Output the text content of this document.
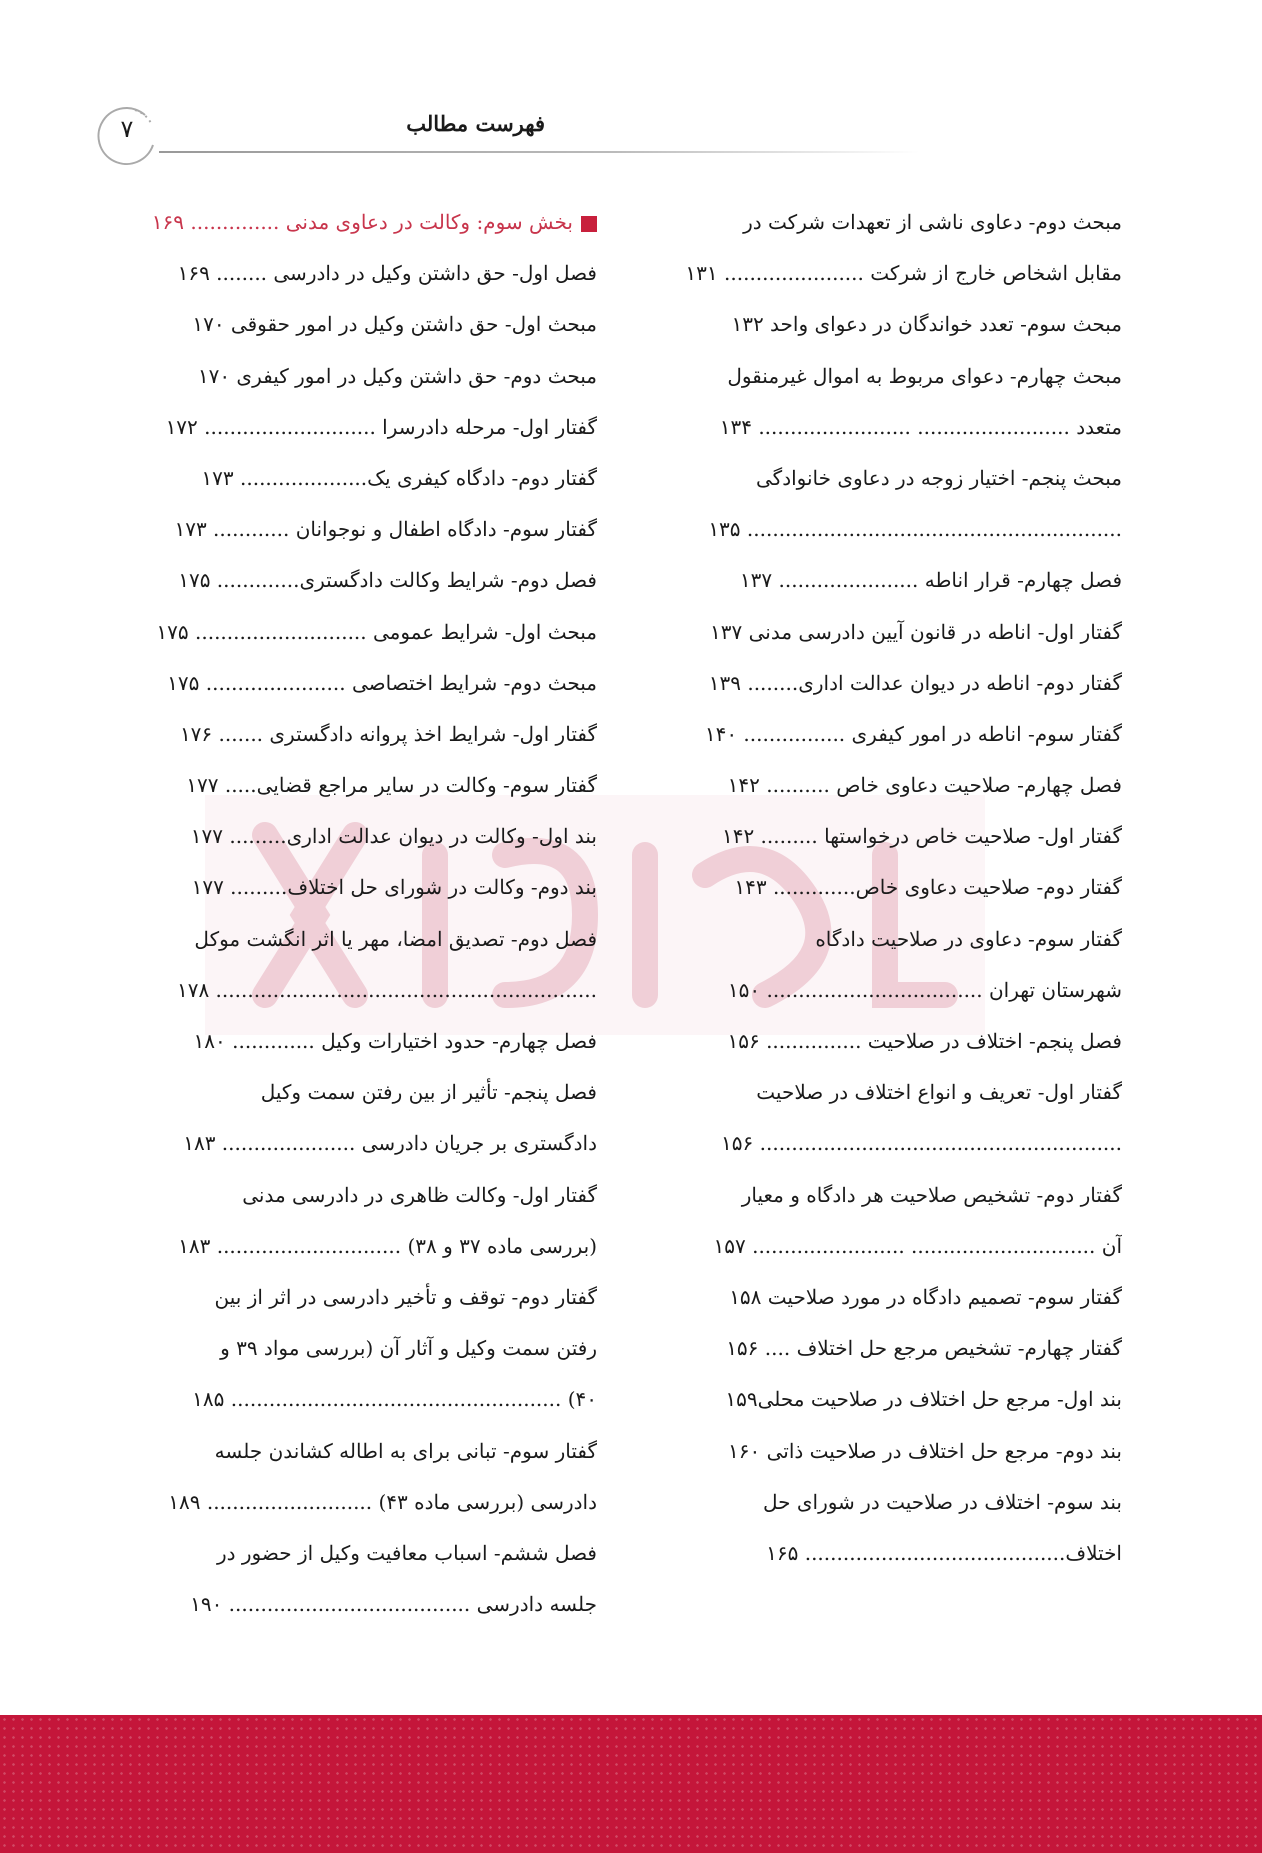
۷	فهرست مطالب
مبحث دوم- دعاوی ناشی از تعهدات شرکت در
مقابل اشخاص خارج از شرکت ...................... ۱۳۱
مبحث سوم- تعدد خواندگان در دعوای واحد ۱۳۲
مبحث چهارم- دعوای مربوط به اموال غیرمنقول
متعدد ........................ ........................ ۱۳۴
مبحث پنجم- اختیار زوجه در دعاوی خانوادگی
........................................................... ۱۳۵
فصل چهارم- قرار اناطه ...................... ۱۳۷
گفتار اول- اناطه در قانون آیین دادرسی مدنی ۱۳۷
گفتار دوم- اناطه در دیوان عدالت اداری........ ۱۳۹
گفتار سوم- اناطه در امور کیفری ................ ۱۴۰
فصل چهارم- صلاحیت دعاوی خاص .......... ۱۴۲
گفتار اول- صلاحیت خاص درخواستها ......... ۱۴۲
گفتار دوم- صلاحیت دعاوی خاص............. ۱۴۳
گفتار سوم- دعاوی در صلاحیت دادگاه
شهرستان تهران .................................. ۱۵۰
فصل پنجم- اختلاف در صلاحیت ............... ۱۵۶
گفتار اول- تعریف و انواع اختلاف در صلاحیت
......................................................... ۱۵۶
گفتار دوم- تشخیص صلاحیت هر دادگاه و معیار
آن ............................. ........................ ۱۵۷
گفتار سوم- تصمیم دادگاه در مورد صلاحیت ۱۵۸
گفتار چهارم- تشخیص مرجع حل اختلاف .... ۱۵۶
بند اول- مرجع حل اختلاف در صلاحیت محلی۱۵۹
بند دوم- مرجع حل اختلاف در صلاحیت ذاتی ۱۶۰
بند سوم- اختلاف در صلاحیت در شورای حل
اختلاف......................................... ۱۶۵
بخش سوم: وکالت در دعاوی مدنی .............. ۱۶۹
فصل اول- حق داشتن وکیل در دادرسی ........ ۱۶۹
مبحث اول- حق داشتن وکیل در امور حقوقی ۱۷۰
مبحث دوم- حق داشتن وکیل در امور کیفری ۱۷۰
گفتار اول- مرحله دادرسرا ........................... ۱۷۲
گفتار دوم- دادگاه کیفری یک.................... ۱۷۳
گفتار سوم- دادگاه اطفال و نوجوانان ............ ۱۷۳
فصل دوم- شرایط وکالت دادگستری............. ۱۷۵
مبحث اول- شرایط عمومی ........................... ۱۷۵
مبحث دوم- شرایط اختصاصی ...................... ۱۷۵
گفتار اول- شرایط اخذ پروانه دادگستری ....... ۱۷۶
گفتار سوم- وکالت در سایر مراجع قضایی..... ۱۷۷
بند اول- وکالت در دیوان عدالت اداری......... ۱۷۷
بند دوم- وکالت در شورای حل اختلاف......... ۱۷۷
فصل دوم- تصدیق امضا، مهر یا اثر انگشت موکل
............................................................ ۱۷۸
فصل چهارم- حدود اختیارات وکیل ............. ۱۸۰
فصل پنجم- تأثیر از بین رفتن سمت وکیل
دادگستری بر جریان دادرسی ..................... ۱۸۳
گفتار اول- وکالت ظاهری در دادرسی مدنی
(بررسی ماده ۳۷ و ۳۸) ............................. ۱۸۳
گفتار دوم- توقف و تأخیر دادرسی در اثر از بین
رفتن سمت وکیل و آثار آن (بررسی مواد ۳۹ و
۴۰) .................................................... ۱۸۵
گفتار سوم- تبانی برای به اطاله کشاندن جلسه
دادرسی (بررسی ماده ۴۳) .......................... ۱۸۹
فصل ششم- اسباب معافیت وکیل از حضور در
جلسه دادرسی ...................................... ۱۹۰
